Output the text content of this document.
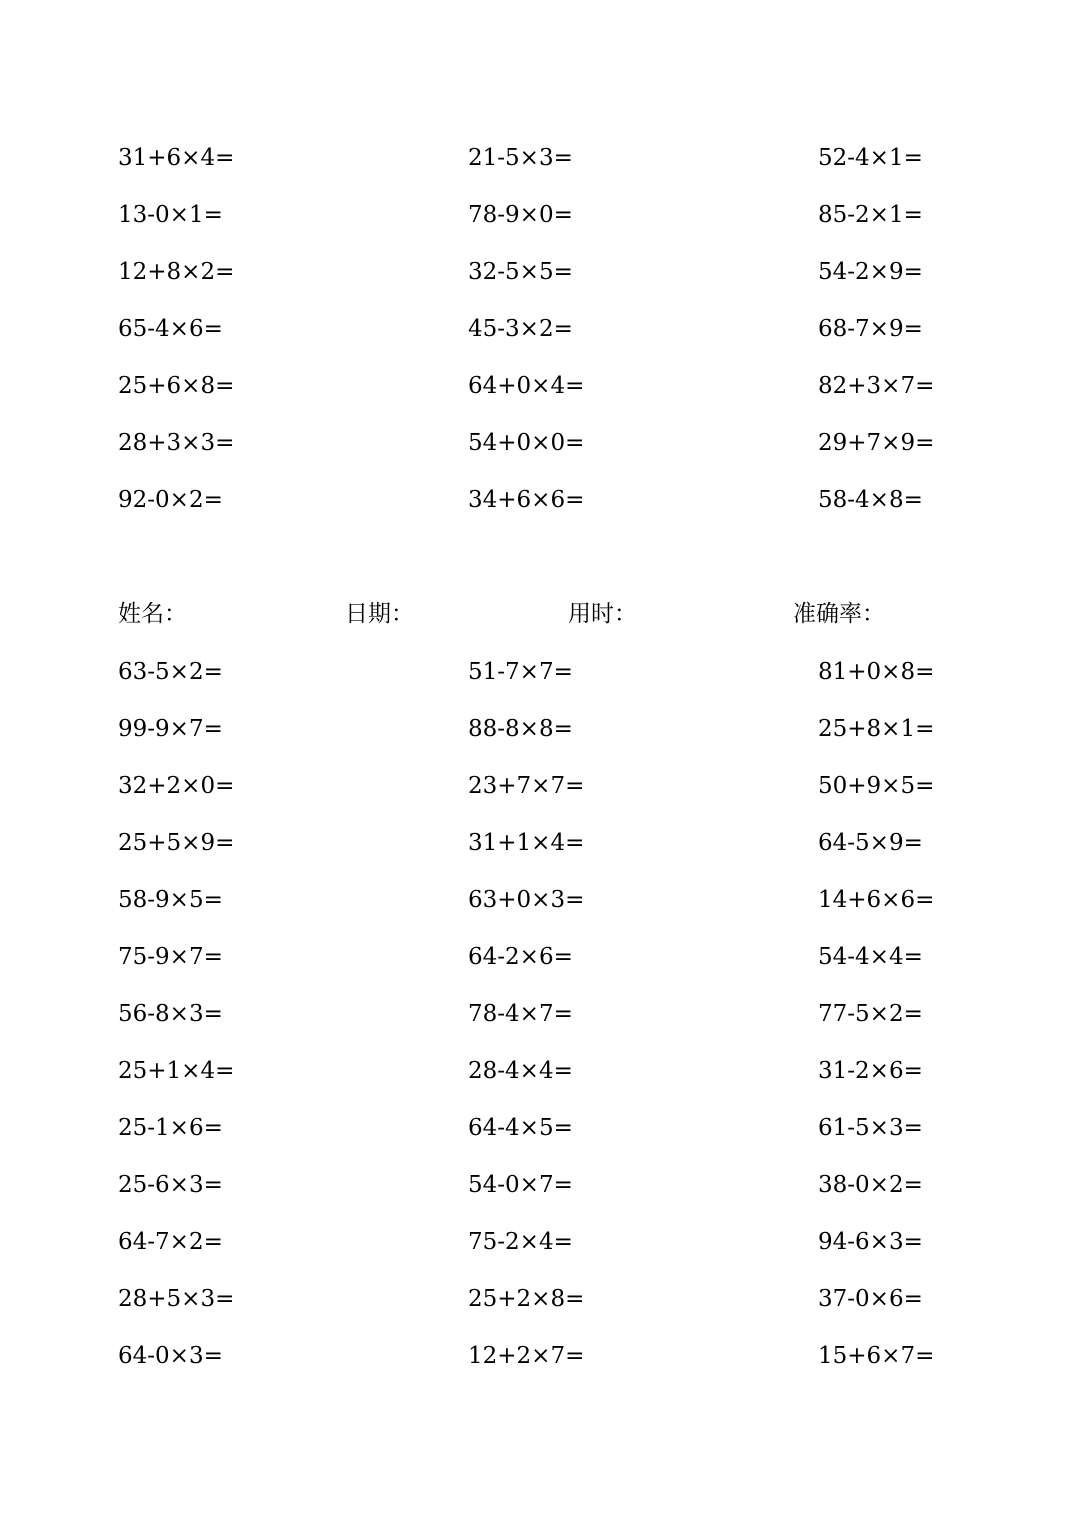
31+6×4=	21-5×3=	52-4×1=
13-0×1=	78-9×0=	85-2×1=
12+8×2=	32-5×5=	54-2×9=
65-4×6=	45-3×2=	68-7×9=
25+6×8=	64+0×4=	82+3×7=
28+3×3=	54+0×0=	29+7×9=
92-0×2=	34+6×6=	58-4×8=
姓名：	日期：	用时：	准确率：
63-5×2=	51-7×7=	81+0×8=
99-9×7=	88-8×8=	25+8×1=
32+2×0=	23+7×7=	50+9×5=
25+5×9=	31+1×4=	64-5×9=
58-9×5=	63+0×3=	14+6×6=
75-9×7=	64-2×6=	54-4×4=
56-8×3=	78-4×7=	77-5×2=
25+1×4=	28-4×4=	31-2×6=
25-1×6=	64-4×5=	61-5×3=
25-6×3=	54-0×7=	38-0×2=
64-7×2=	75-2×4=	94-6×3=
28+5×3=	25+2×8=	37-0×6=
64-0×3=	12+2×7=	15+6×7=
